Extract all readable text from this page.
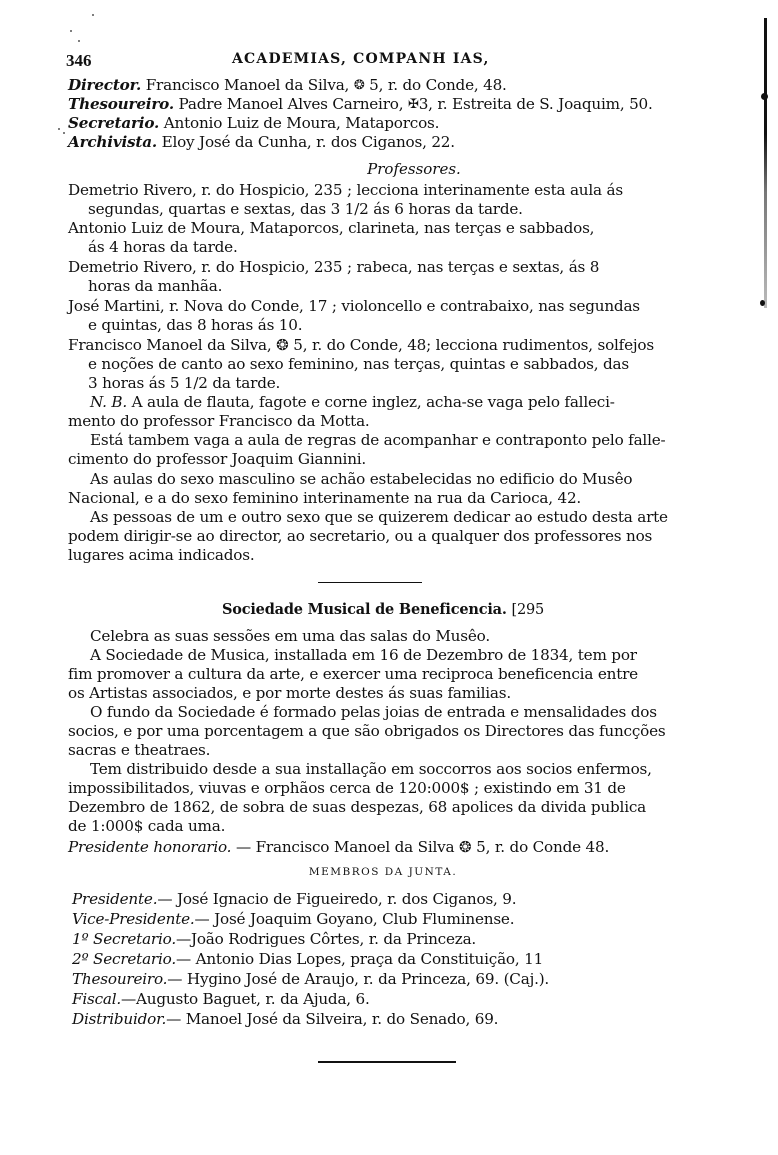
346	ACADEMIAS, COMPANH IAS,
Director. Francisco Manoel da Silva, ❂ 5, r. do Conde, 48.
Thesoureiro. Padre Manoel Alves Carneiro, ✠3, r. Estreita de S. Joaquim, 50.
Secretario. Antonio Luiz de Moura, Mataporcos.
Archivista. Eloy José da Cunha, r. dos Ciganos, 22.
Professores.
Demetrio Rivero, r. do Hospicio, 235 ; lecciona interinamente esta aula ás
segundas, quartas e sextas, das 3 1/2 ás 6 horas da tarde.
Antonio Luiz de Moura, Mataporcos, clarineta, nas terças e sabbados,
ás 4 horas da tarde.
Demetrio Rivero, r. do Hospicio, 235 ; rabeca, nas terças e sextas, ás 8
horas da manhãa.
José Martini, r. Nova do Conde, 17 ; violoncello e contrabaixo, nas segundas
e quintas, das 8 horas ás 10.
Francisco Manoel da Silva, ❂ 5, r. do Conde, 48; lecciona rudimentos, solfejos
e noções de canto ao sexo feminino, nas terças, quintas e sabbados, das
3 horas ás 5 1/2 da tarde.
N. B. A aula de flauta, fagote e corne inglez, acha-se vaga pelo falleci-
mento do professor Francisco da Motta.
Está tambem vaga a aula de regras de acompanhar e contraponto pelo falle-
cimento do professor Joaquim Giannini.
As aulas do sexo masculino se achão estabelecidas no edificio do Musêo
Nacional, e a do sexo feminino interinamente na rua da Carioca, 42.
As pessoas de um e outro sexo que se quizerem dedicar ao estudo desta arte
podem dirigir-se ao director, ao secretario, ou a qualquer dos professores nos
lugares acima indicados.
Sociedade Musical de Beneficencia. [295
Celebra as suas sessões em uma das salas do Musêo.
A Sociedade de Musica, installada em 16 de Dezembro de 1834, tem por
fim promover a cultura da arte, e exercer uma reciproca beneficencia entre
os Artistas associados, e por morte destes ás suas familias.
O fundo da Sociedade é formado pelas joias de entrada e mensalidades dos
socios, e por uma porcentagem a que são obrigados os Directores das funcções
sacras e theatraes.
Tem distribuido desde a sua installação em soccorros aos socios enfermos,
impossibilitados, viuvas e orphãos cerca de 120:000$ ; existindo em 31 de
Dezembro de 1862, de sobra de suas despezas, 68 apolices da divida publica
de 1:000$ cada uma.
Presidente honorario. — Francisco Manoel da Silva ❂ 5, r. do Conde 48.
MEMBROS DA JUNTA.
Presidente.— José Ignacio de Figueiredo, r. dos Ciganos, 9.
Vice-Presidente.— José Joaquim Goyano, Club Fluminense.
1º Secretario.—João Rodrigues Côrtes, r. da Princeza.
2º Secretario.— Antonio Dias Lopes, praça da Constituição, 11
Thesoureiro.— Hygino José de Araujo, r. da Princeza, 69. (Caj.).
Fiscal.—Augusto Baguet, r. da Ajuda, 6.
Distribuidor.— Manoel José da Silveira, r. do Senado, 69.
